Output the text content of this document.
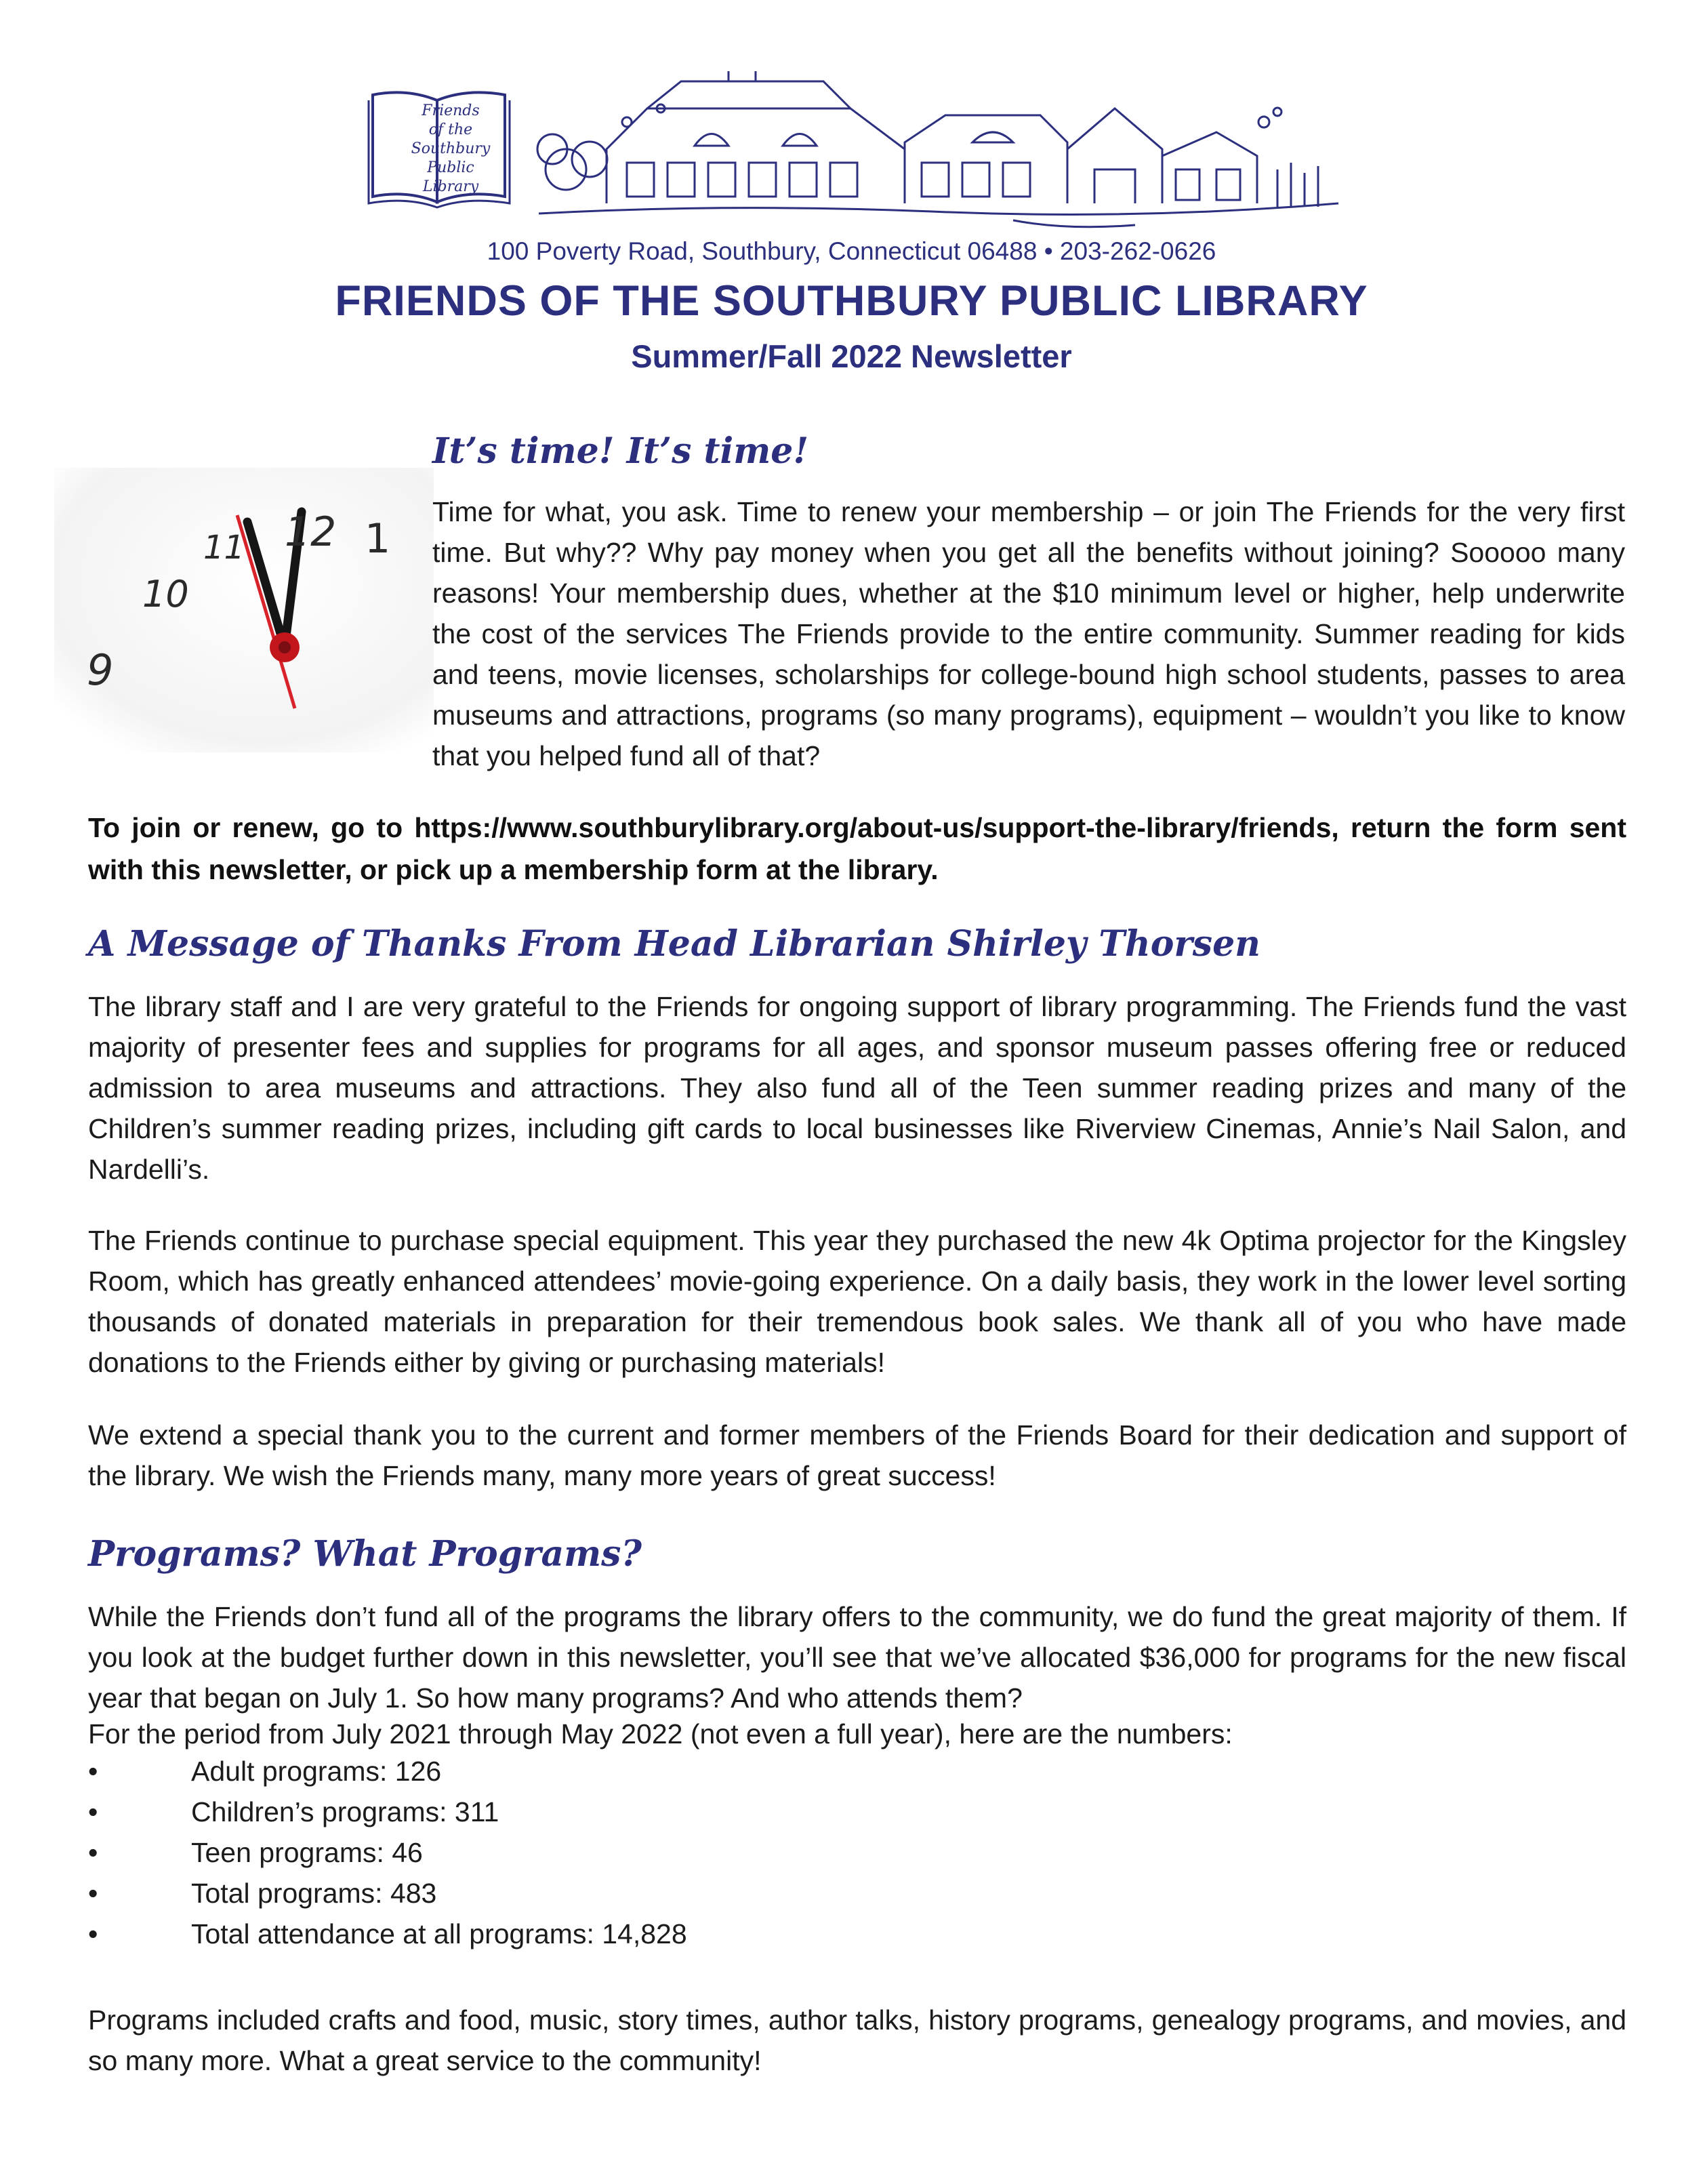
Friends
of the
Southbury
Public Library
100 Poverty Road, Southbury, Connecticut 06488 • 203-262-0626
FRIENDS OF THE SOUTHBURY PUBLIC LIBRARY
Summer/Fall 2022 Newsletter
12 1
11
10
9
It’s time! It’s time!
Time for what, you ask. Time to renew your membership – or join The Friends for the very first time. But why?? Why pay money when you get all the benefits without joining? Sooooo many reasons! Your membership dues, whether at the $10 minimum level or higher, help underwrite the cost of the services The Friends provide to the entire community. Summer reading for kids and teens, movie licenses, scholarships for college-bound high school students, passes to area museums and attractions, programs (so many programs), equipment – wouldn’t you like to know that you helped fund all of that?
To join or renew, go to https://www.southburylibrary.org/about-us/support-the-library/friends, return the form sent with this newsletter, or pick up a membership form at the library.
A Message of Thanks From Head Librarian Shirley Thorsen
The library staff and I are very grateful to the Friends for ongoing support of library programming. The Friends fund the vast majority of presenter fees and supplies for programs for all ages, and sponsor museum passes offering free or reduced admission to area museums and attractions. They also fund all of the Teen summer reading prizes and many of the Children’s summer reading prizes, including gift cards to local businesses like Riverview Cinemas, Annie’s Nail Salon, and Nardelli’s.
The Friends continue to purchase special equipment. This year they purchased the new 4k Optima projector for the Kingsley Room, which has greatly enhanced attendees’ movie-going experience. On a daily basis, they work in the lower level sorting thousands of donated materials in preparation for their tremendous book sales. We thank all of you who have made donations to the Friends either by giving or purchasing materials!
We extend a special thank you to the current and former members of the Friends Board for their dedication and support of the library. We wish the Friends many, many more years of great success!
Programs? What Programs?
While the Friends don’t fund all of the programs the library offers to the community, we do fund the great majority of them. If you look at the budget further down in this newsletter, you’ll see that we’ve allocated $36,000 for programs for the new fiscal year that began on July 1. So how many programs? And who attends them?
For the period from July 2021 through May 2022 (not even a full year), here are the numbers:
•	Adult programs: 126
•	Children’s programs: 311
•	Teen programs: 46
•	Total programs: 483
•	Total attendance at all programs: 14,828
Programs included crafts and food, music, story times, author talks, history programs, genealogy programs, and movies, and so many more. What a great service to the community!
